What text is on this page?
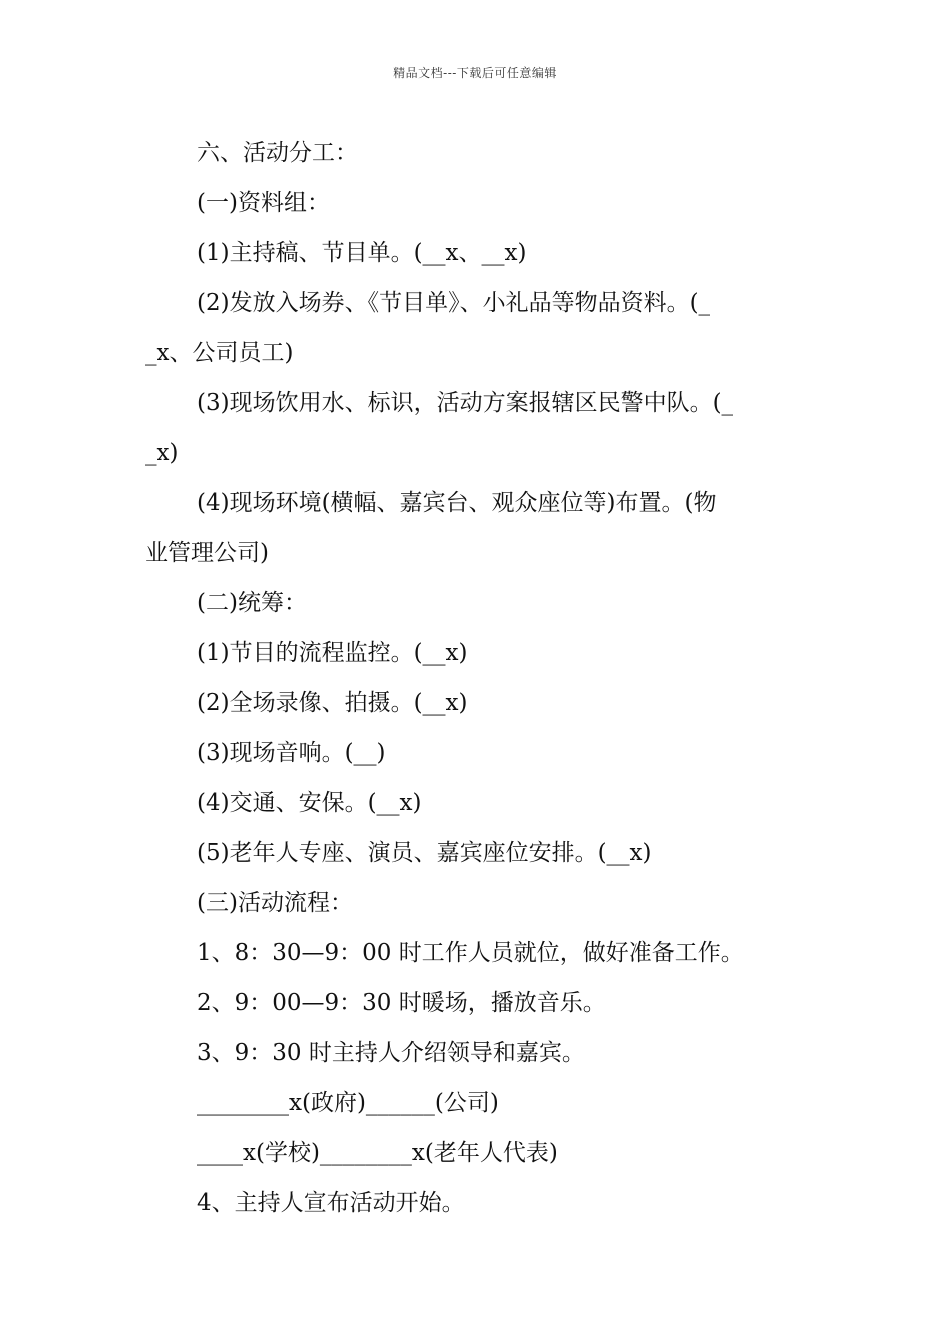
精品文档---下载后可任意编辑

六、活动分工：

(一)资料组：

(1)主持稿、节目单。(__x、__x)

(2)发放入场券、《节目单》、小礼品等物品资料。(_

_x、公司员工)

(3)现场饮用水、标识，活动方案报辖区民警中队。(_

_x)

(4)现场环境(横幅、嘉宾台、观众座位等)布置。(物

业管理公司)

(二)统筹：

(1)节目的流程监控。(__x)

(2)全场录像、拍摄。(__x)

(3)现场音响。(__)

(4)交通、安保。(__x)

(5)老年人专座、演员、嘉宾座位安排。(__x)

(三)活动流程：

1、8：30—9：00 时工作人员就位，做好准备工作。

2、9：00—9：30 时暖场，播放音乐。

3、9：30 时主持人介绍领导和嘉宾。

________x(政府)______(公司)

____x(学校)________x(老年人代表)

4、主持人宣布活动开始。
